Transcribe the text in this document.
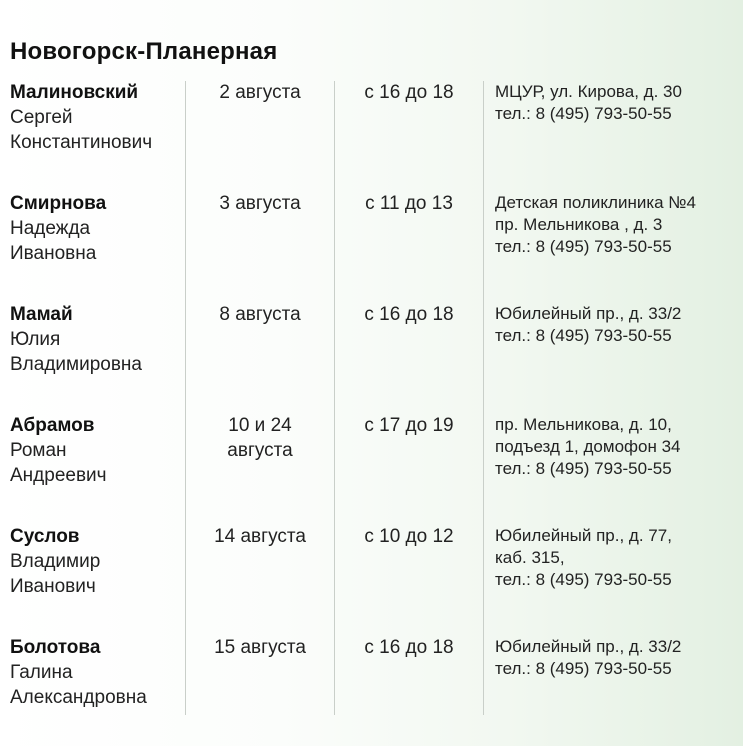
Новогорск-Планерная
Малиновский
Сергей
Константинович
2 августа	с 16 до 18	МЦУР, ул. Кирова, д. 30
тел.: 8 (495) 793-50-55
Смирнова
Надежда
Ивановна
3 августа	с 11 до 13	Детская поликлиника №4
пр. Мельникова , д. 3
тел.: 8 (495) 793-50-55
Мамай
Юлия
Владимировна
8 августа	с 16 до 18	Юбилейный пр., д. 33/2
тел.: 8 (495) 793-50-55
Абрамов
Роман
Андреевич
10 и 24
августа
с 17 до 19	пр. Мельникова, д. 10,
подъезд 1, домофон 34
тел.: 8 (495) 793-50-55
Суслов
Владимир
Иванович
14 августа	с 10 до 12	Юбилейный пр., д. 77,
каб. 315,
тел.: 8 (495) 793-50-55
Болотова
Галина
Александровна
15 августа	с 16 до 18	Юбилейный пр., д. 33/2
тел.: 8 (495) 793-50-55
